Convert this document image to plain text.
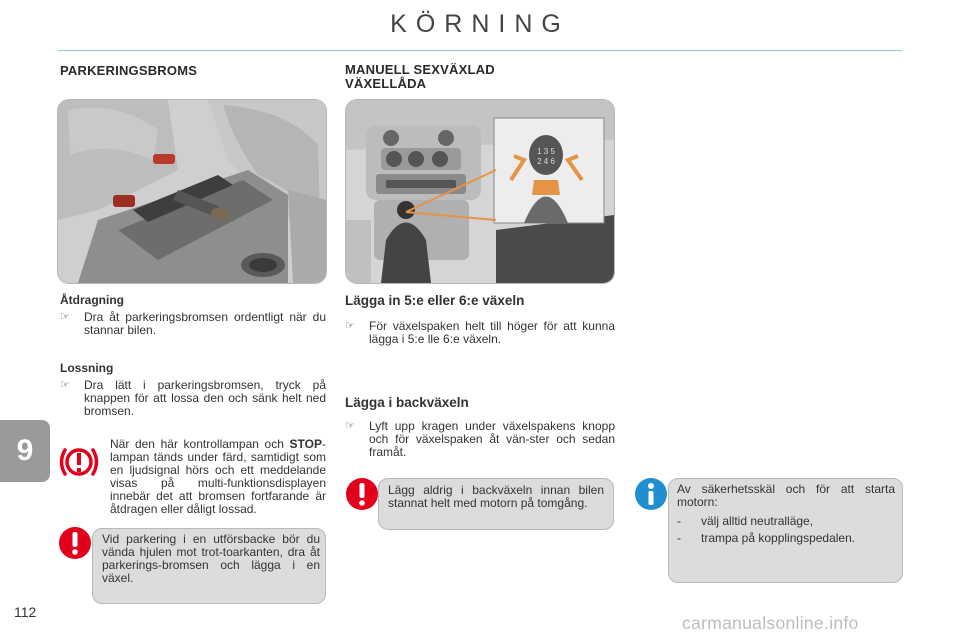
KÖRNING
PARKERINGSBROMS
Åtdragning
☞ Dra åt parkeringsbromsen ordentligt när du stannar bilen.
Lossning
☞ Dra lätt i parkeringsbromsen, tryck på knappen för att lossa den och sänk helt ned bromsen.
När den här kontrollampan och STOP-lampan tänds under färd, samtidigt som en ljudsignal hörs och ett meddelande visas på multi-funktionsdisplayen innebär det att bromsen fortfarande är åtdragen eller dåligt lossad.
Vid parkering i en utförsbacke bör du vända hjulen mot trot-toarkanten, dra åt parkerings-bromsen och lägga i en växel.
MANUELL SEXVÄXLAD
VÄXELLÅDA
1 3 5
2 4 6
Lägga in 5:e eller 6:e växeln
☞ För växelspaken helt till höger för att kunna lägga i 5:e lle 6:e växeln.
Lägga i backväxeln
☞ Lyft upp kragen under växelspakens knopp och för växelspaken åt vän-ster och sedan framåt.
Lägg aldrig i backväxeln innan bilen stannat helt med motorn på tomgång.
Av säkerhetsskäl och för att starta motorn:
- välj alltid neutralläge,
- trampa på kopplingspedalen.
9
112
carmanualsonline.info
